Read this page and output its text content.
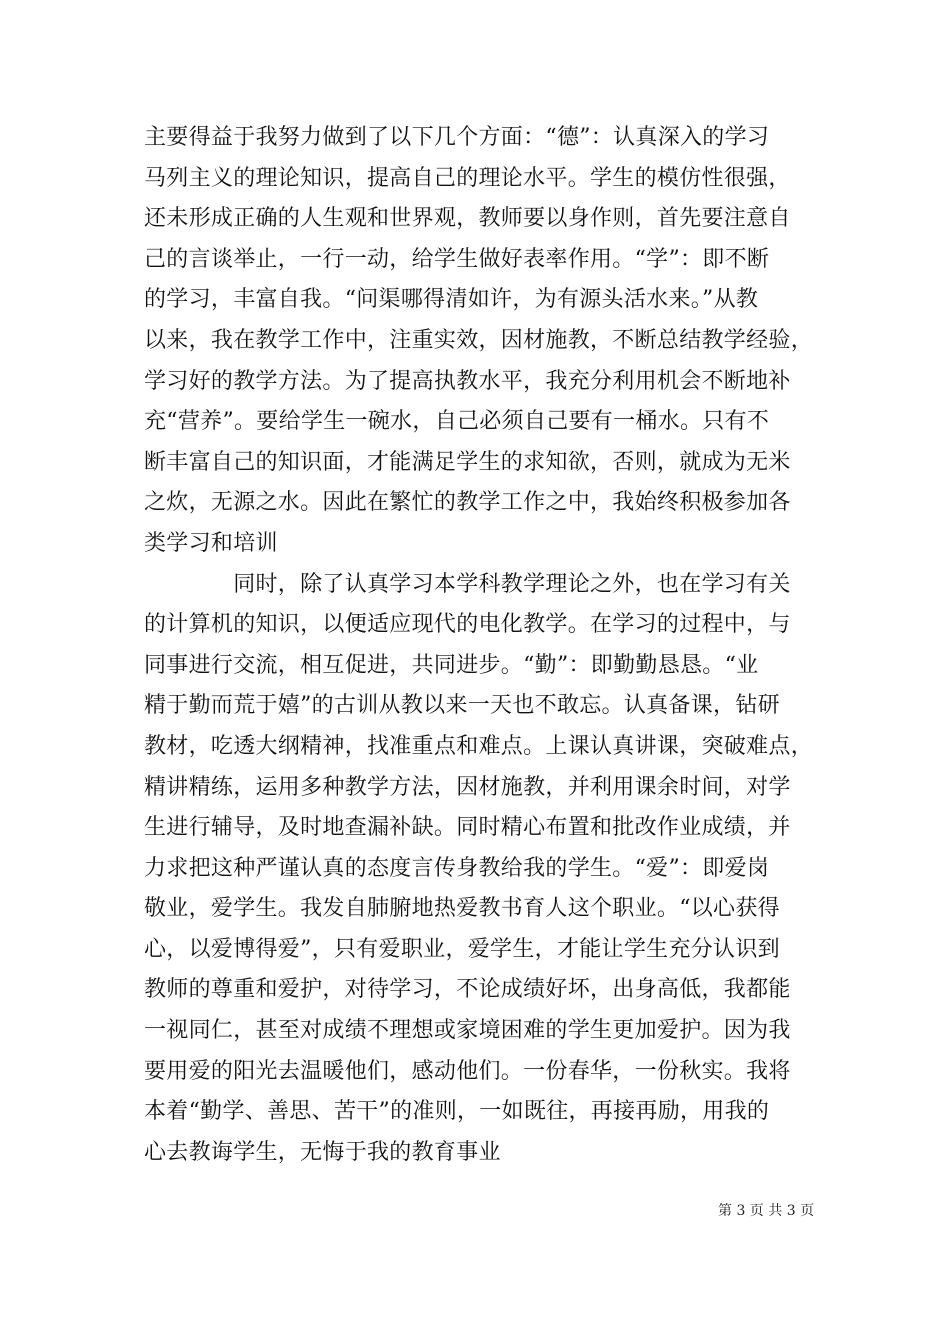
主要得益于我努力做到了以下几个方面：“德”：认真深入的学习
马列主义的理论知识，提高自己的理论水平。学生的模仿性很强，
还未形成正确的人生观和世界观，教师要以身作则，首先要注意自
己的言谈举止，一行一动，给学生做好表率作用。“学”：即不断
的学习，丰富自我。“问渠哪得清如许，为有源头活水来。”从教
以来，我在教学工作中，注重实效，因材施教，不断总结教学经验，
学习好的教学方法。为了提高执教水平，我充分利用机会不断地补
充“营养”。要给学生一碗水，自己必须自己要有一桶水。只有不
断丰富自己的知识面，才能满足学生的求知欲，否则，就成为无米
之炊，无源之水。因此在繁忙的教学工作之中，我始终积极参加各
类学习和培训
　　　　同时，除了认真学习本学科教学理论之外，也在学习有关
的计算机的知识，以便适应现代的电化教学。在学习的过程中，与
同事进行交流，相互促进，共同进步。“勤”：即勤勤恳恳。“业
精于勤而荒于嬉”的古训从教以来一天也不敢忘。认真备课，钻研
教材，吃透大纲精神，找准重点和难点。上课认真讲课，突破难点，
精讲精练，运用多种教学方法，因材施教，并利用课余时间，对学
生进行辅导，及时地查漏补缺。同时精心布置和批改作业成绩，并
力求把这种严谨认真的态度言传身教给我的学生。“爱”：即爱岗
敬业，爱学生。我发自肺腑地热爱教书育人这个职业。“以心获得
心，以爱博得爱”，只有爱职业，爱学生，才能让学生充分认识到
教师的尊重和爱护，对待学习，不论成绩好坏，出身高低，我都能
一视同仁，甚至对成绩不理想或家境困难的学生更加爱护。因为我
要用爱的阳光去温暖他们，感动他们。一份春华，一份秋实。我将
本着“勤学、善思、苦干”的准则，一如既往，再接再励，用我的
心去教诲学生，无悔于我的教育事业
第 3 页 共 3 页
